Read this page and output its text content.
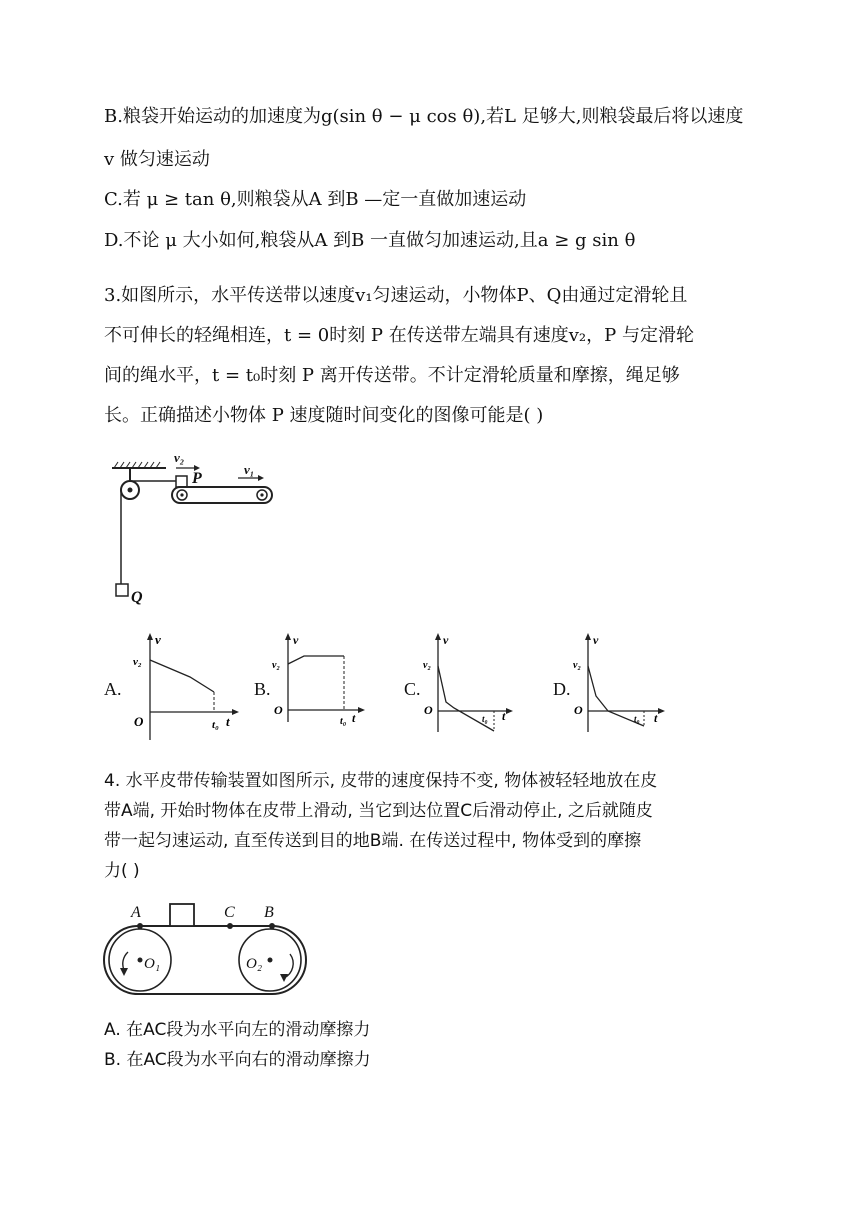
B.粮袋开始运动的加速度为g(sin θ − μ cos θ),若L 足够大,则粮袋最后将以速度
v 做匀速运动
C.若 μ ≥ tan θ,则粮袋从A 到B —定一直做加速运动
D.不论 μ 大小如何,粮袋从A 到B 一直做匀加速运动,且a ≥ g sin θ
3.如图所示，水平传送带以速度v₁匀速运动，小物体P、Q由通过定滑轮且
不可伸长的轻绳相连，t = 0时刻 P 在传送带左端具有速度v₂，P 与定滑轮
间的绳水平，t = t₀时刻 P 离开传送带。不计定滑轮质量和摩擦，绳足够
长。正确描述小物体 P 速度随时间变化的图像可能是( )
v₂
v₁
P
Q
A.	B.	C.	D.
v
v₂
O	t₀ t
v
v₂
O
t₀ t
v
v₂
O
t₀ t
v
v₂
O
t₀ t
4. 水平皮带传输装置如图所示, 皮带的速度保持不变, 物体被轻轻地放在皮
带A端, 开始时物体在皮带上滑动, 当它到达位置C后滑动停止, 之后就随皮
带一起匀速运动, 直至传送到目的地B端. 在传送过程中, 物体受到的摩擦
力( )
A	C B
O₁	O₂
A. 在AC段为水平向左的滑动摩擦力
B. 在AC段为水平向右的滑动摩擦力
